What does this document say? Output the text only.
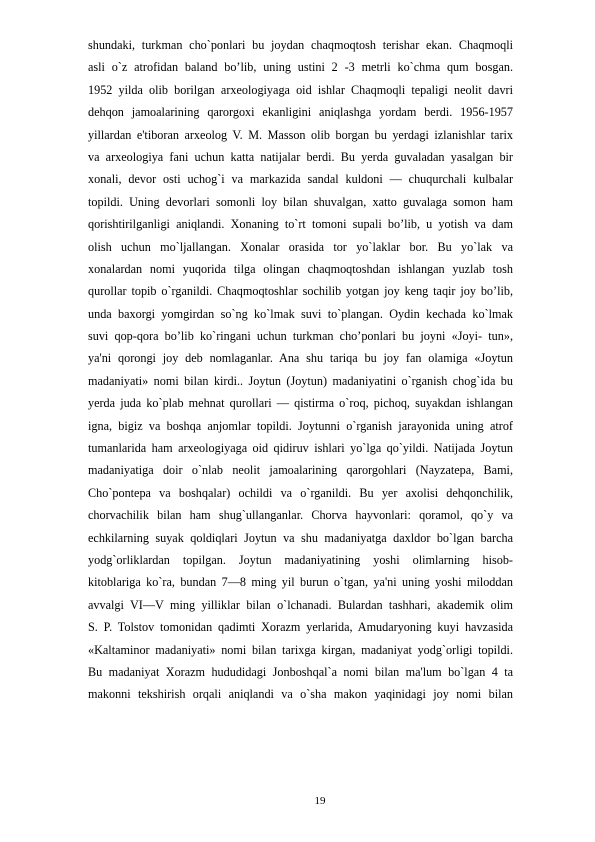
shundaki, turkman cho`ponlari bu joydan chaqmoqtosh terishar ekan. Chaqmoqli
asli o`z atrofidan baland bo’lib, uning ustini 2 -3 metrli ko`chma qum bosgan.
1952 yilda olib borilgan arxeologiyaga oid ishlar Chaqmoqli tepaligi neolit davri
dehqon jamoalarining qarorgoxi ekanligini aniqlashga yordam berdi. 1956-1957
yillardan e'tiboran arxeolog V. M. Masson olib borgan bu yerdagi izlanishlar tarix
va arxeologiya fani uchun katta natijalar berdi. Bu yerda guvaladan yasalgan bir
xonali, devor osti uchog`i va markazida sandal kuldoni — chuqurchali kulbalar
topildi. Uning devorlari somonli loy bilan shuvalgan, xatto guvalaga somon ham
qorishtirilganligi aniqlandi. Xonaning to`rt tomoni supali bo’lib, u yotish va dam
olish uchun mo`ljallangan. Xonalar orasida tor yo`laklar bor. Bu yo`lak va
xonalardan nomi yuqorida tilga olingan chaqmoqtoshdan ishlangan yuzlab tosh
qurollar topib o`rganildi. Chaqmoqtoshlar sochilib yotgan joy keng taqir joy bo’lib,
unda baxorgi yomgirdan so`ng ko`lmak suvi to`plangan. Oydin kechada ko`lmak
suvi qop-qora bo’lib ko`ringani uchun turkman cho’ponlari bu joyni «Joyi- tun»,
ya'ni qorongi joy deb nomlaganlar. Ana shu tariqa bu joy fan olamiga «Joytun
madaniyati» nomi bilan kirdi.. Joytun (Joytun) madaniyatini o`rganish chog`ida bu
yerda juda ko`plab mehnat qurollari — qistirma o`roq, pichoq, suyakdan ishlangan
igna, bigiz va boshqa anjomlar topildi. Joytunni o`rganish jarayonida uning atrof
tumanlarida ham arxeologiyaga oid qidiruv ishlari yo`lga qo`yildi. Natijada Joytun
madaniyatiga doir o`nlab neolit jamoalarining qarorgohlari (Nayzatepa, Bami,
Cho`pontepa va boshqalar) ochildi va o`rganildi. Bu yer axolisi dehqonchilik,
chorvachilik bilan ham shug`ullanganlar. Chorva hayvonlari: qoramol, qo`y va
echkilarning suyak qoldiqlari Joytun va shu madaniyatga daxldor bo`lgan barcha
yodg`orliklardan topilgan. Joytun madaniyatining yoshi olimlarning hisob-
kitoblariga ko`ra, bundan 7—8 ming yil burun o`tgan, ya'ni uning yoshi miloddan
avvalgi VI—V ming yilliklar bilan o`lchanadi. Bulardan tashhari, akademik olim
S. P. Tolstov tomonidan qadimti Xorazm yerlarida, Amudaryoning kuyi havzasida
«Kaltaminor madaniyati» nomi bilan tarixga kirgan, madaniyat yodg`orligi topildi.
Bu madaniyat Xorazm hududidagi Jonboshqal`a nomi bilan ma'lum bo`lgan 4 ta
makonni tekshirish orqali aniqlandi va o`sha makon yaqinidagi joy nomi bilan
19
